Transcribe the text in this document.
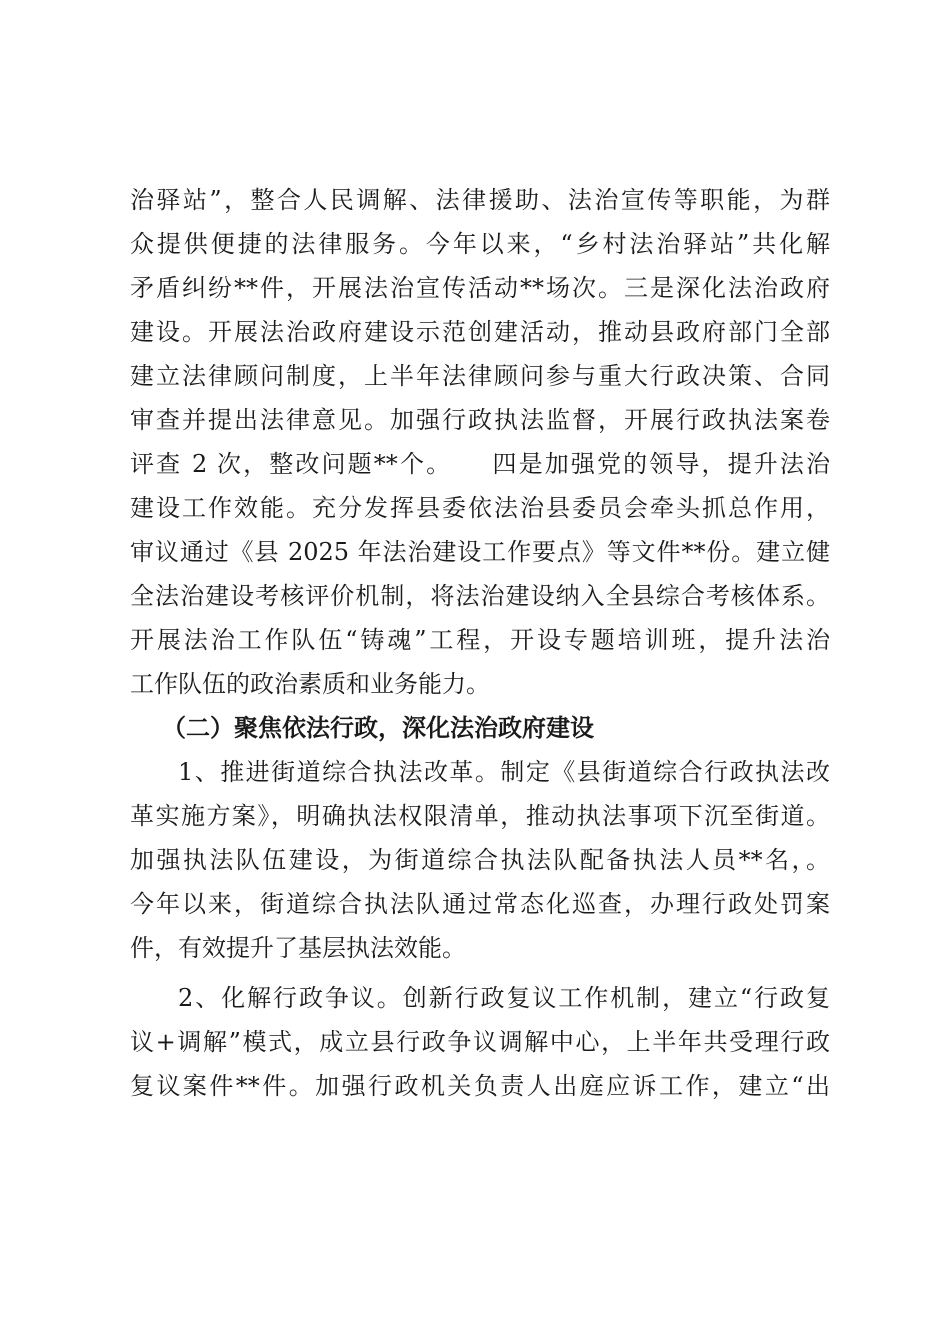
治驿站”，整合人民调解、法律援助、法治宣传等职能，为群
众提供便捷的法律服务。今年以来，“乡村法治驿站”共化解
矛盾纠纷**件，开展法治宣传活动**场次。三是深化法治政府
建设。开展法治政府建设示范创建活动，推动县政府部门全部
建立法律顾问制度，上半年法律顾问参与重大行政决策、合同
审查并提出法律意见。加强行政执法监督，开展行政执法案卷
评查 2 次，整改问题**个。　　四是加强党的领导，提升法治
建设工作效能。充分发挥县委依法治县委员会牵头抓总作用，
审议通过《县 2025 年法治建设工作要点》等文件**份。建立健
全法治建设考核评价机制，将法治建设纳入全县综合考核体系。
开展法治工作队伍“铸魂”工程，开设专题培训班，提升法治
工作队伍的政治素质和业务能力。
（二）聚焦依法行政，深化法治政府建设
1、推进街道综合执法改革。制定《县街道综合行政执法改
革实施方案》，明确执法权限清单，推动执法事项下沉至街道。
加强执法队伍建设，为街道综合执法队配备执法人员**名，。
今年以来，街道综合执法队通过常态化巡查，办理行政处罚案
件，有效提升了基层执法效能。
2、化解行政争议。创新行政复议工作机制，建立“行政复
议+调解”模式，成立县行政争议调解中心，上半年共受理行政
复议案件**件。加强行政机关负责人出庭应诉工作，建立“出
